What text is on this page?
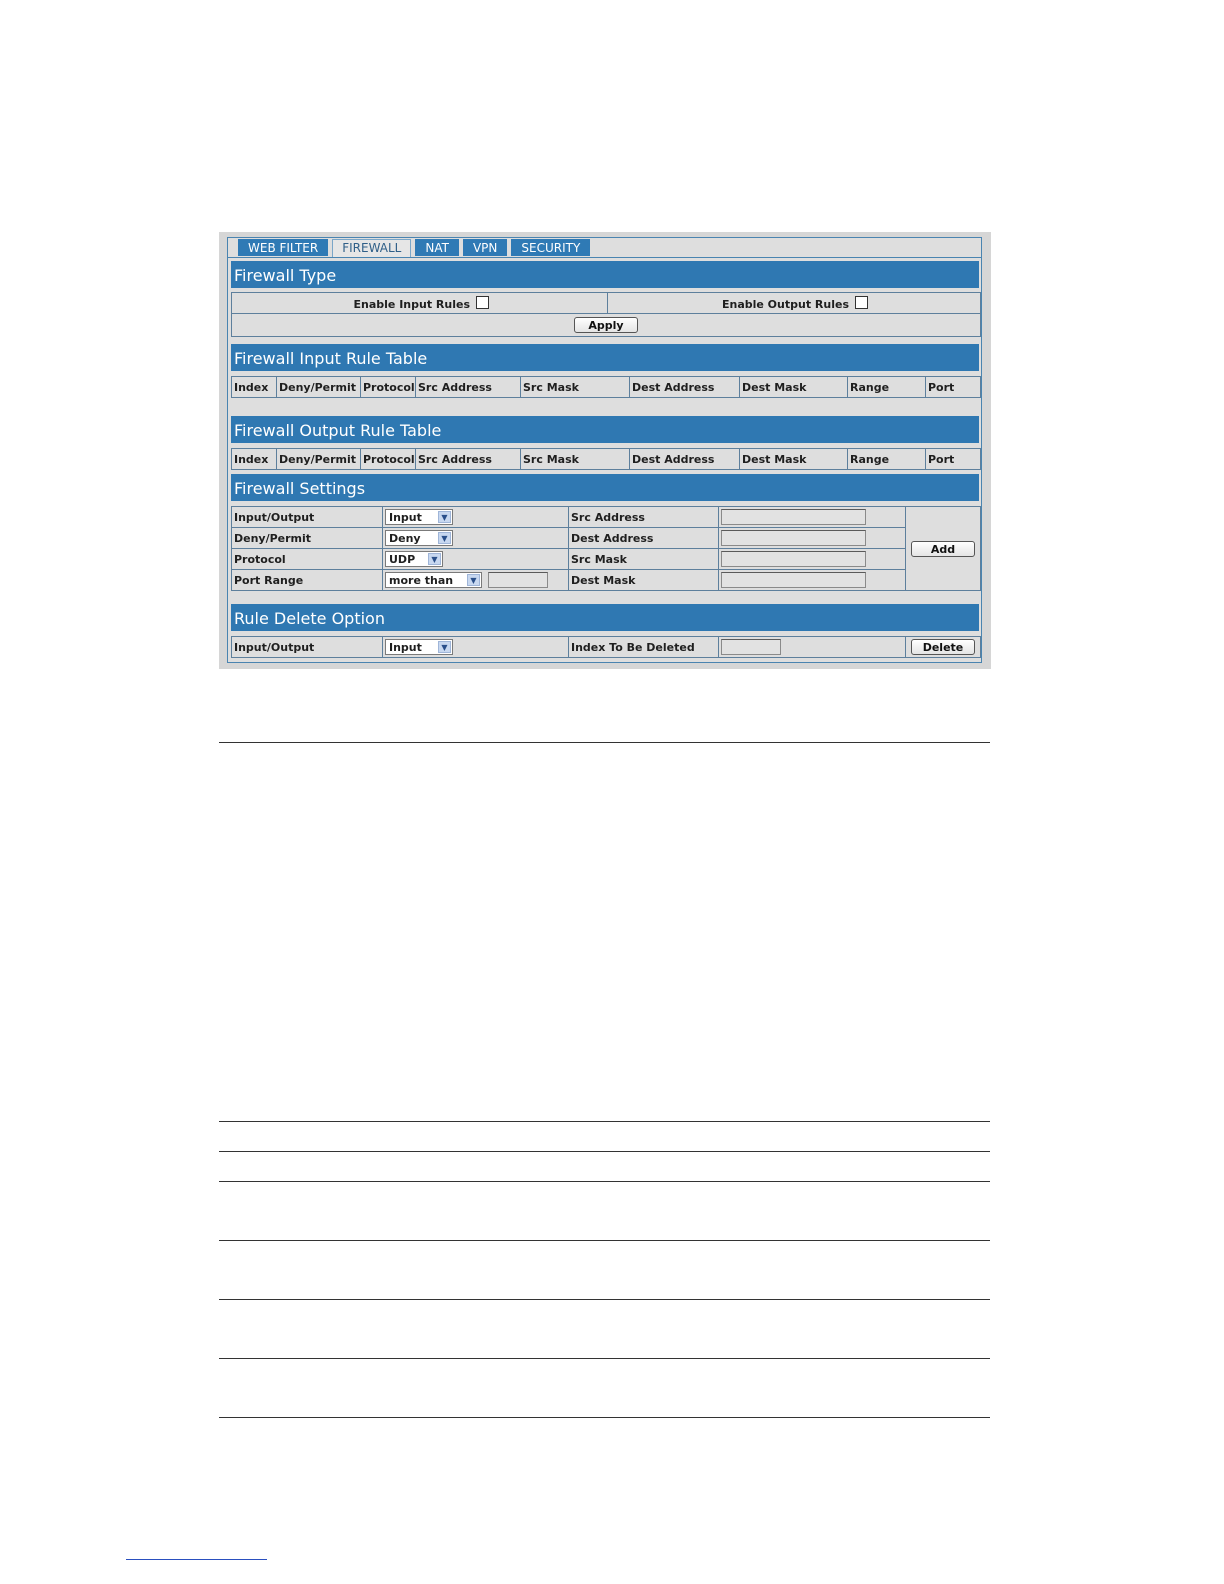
WEB FILTER	FIREWALL	NAT	VPN	SECURITY
Firewall Type
Enable Input Rules	Enable Output Rules
Apply
Firewall Input Rule Table
Index	Deny/Permit	Protocol	Src Address	Src Mask	Dest Address	Dest Mask	Range	Port
Firewall Output Rule Table
Index	Deny/Permit	Protocol	Src Address	Src Mask	Dest Address	Dest Mask	Range	Port
Firewall Settings
Input/Output	Input ▼	Src Address		Add
Deny/Permit	Deny ▼	Dest Address		
Protocol	UDP ▼	Src Mask		
Port Range	more than ▼	Dest Mask		
Rule Delete Option
Input/Output	Input	▼	Index To Be Deleted		Delete
